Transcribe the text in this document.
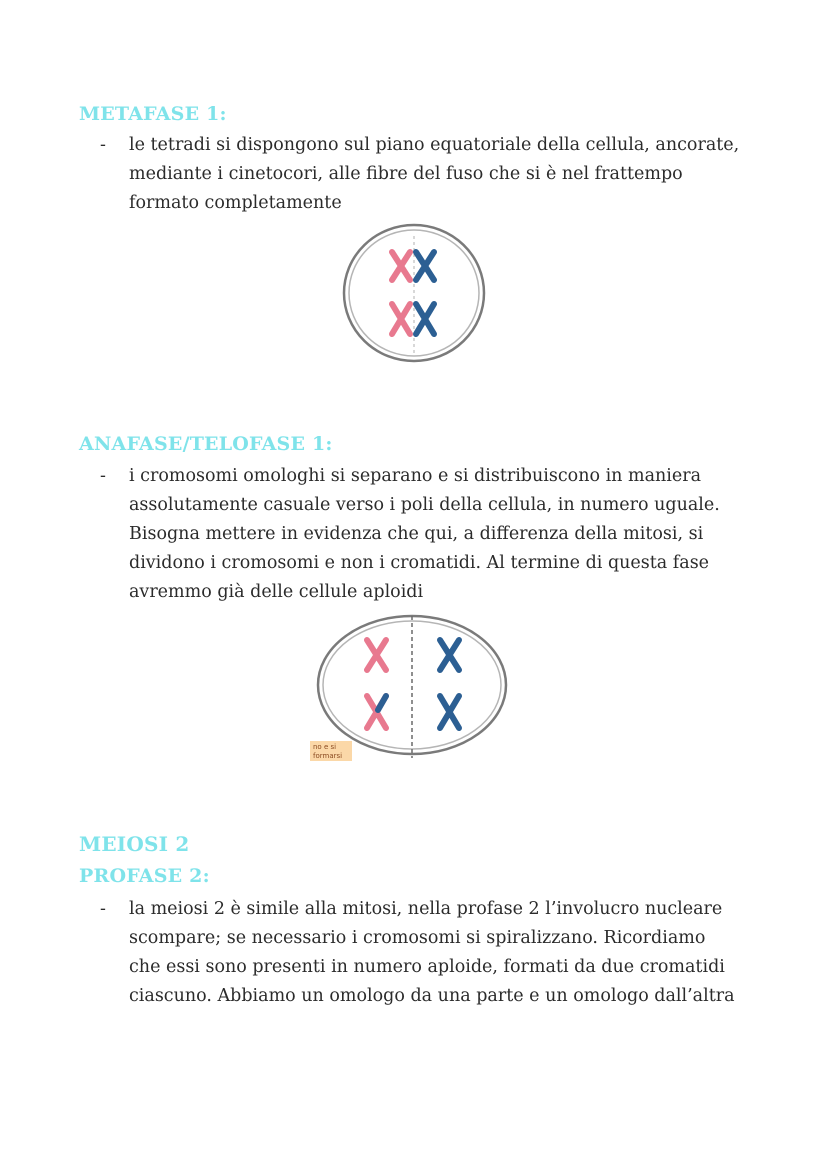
METAFASE 1:
- le tetradi si dispongono sul piano equatoriale della cellula, ancorate,
mediante i cinetocori, alle fibre del fuso che si è nel frattempo
formato completamente
ANAFASE/TELOFASE 1:
- i cromosomi omologhi si separano e si distribuiscono in maniera
assolutamente casuale verso i poli della cellula, in numero uguale.
Bisogna mettere in evidenza che qui, a differenza della mitosi, si
dividono i cromosomi e non i cromatidi. Al termine di questa fase
avremmo già delle cellule aploidi
no e si
formarsi
MEIOSI 2
PROFASE 2:
- la meiosi 2 è simile alla mitosi, nella profase 2 l’involucro nucleare
scompare; se necessario i cromosomi si spiralizzano. Ricordiamo
che essi sono presenti in numero aploide, formati da due cromatidi
ciascuno. Abbiamo un omologo da una parte e un omologo dall’altra
